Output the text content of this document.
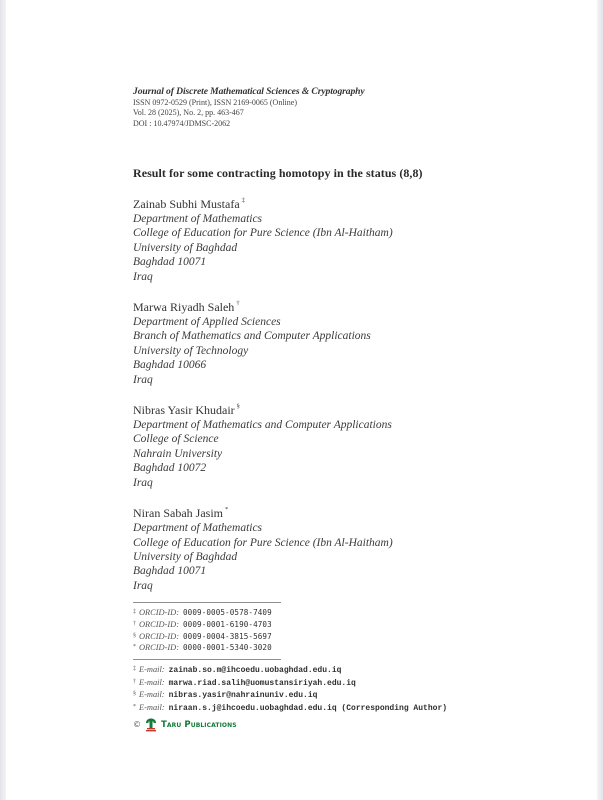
Journal of Discrete Mathematical Sciences & Cryptography
ISSN 0972-0529 (Print), ISSN 2169-0065 (Online)
Vol. 28 (2025), No. 2, pp. 463-467
DOI : 10.47974/JDMSC-2062
Result for some contracting homotopy in the status (8,8)
Zainab Subhi Mustafa ‡
Department of Mathematics
College of Education for Pure Science (Ibn Al-Haitham)
University of Baghdad
Baghdad 10071
Iraq
Marwa Riyadh Saleh †
Department of Applied Sciences
Branch of Mathematics and Computer Applications
University of Technology
Baghdad 10066
Iraq
Nibras Yasir Khudair §
Department of Mathematics and Computer Applications
College of Science
Nahrain University
Baghdad 10072
Iraq
Niran Sabah Jasim *
Department of Mathematics
College of Education for Pure Science (Ibn Al-Haitham)
University of Baghdad
Baghdad 10071
Iraq
‡ ORCID-ID: 0009-0005-0578-7409
† ORCID-ID: 0009-0001-6190-4703
§ ORCID-ID: 0009-0004-3815-5697
* ORCID-ID: 0000-0001-5340-3020
‡ E-mail: zainab.so.m@ihcoedu.uobaghdad.edu.iq
† E-mail: marwa.riad.salih@uomustansiriyah.edu.iq
§ E-mail: nibras.yasir@nahrainuniv.edu.iq
* E-mail: niraan.s.j@ihcoedu.uobaghdad.edu.iq (Corresponding Author)
© Taru Publications
